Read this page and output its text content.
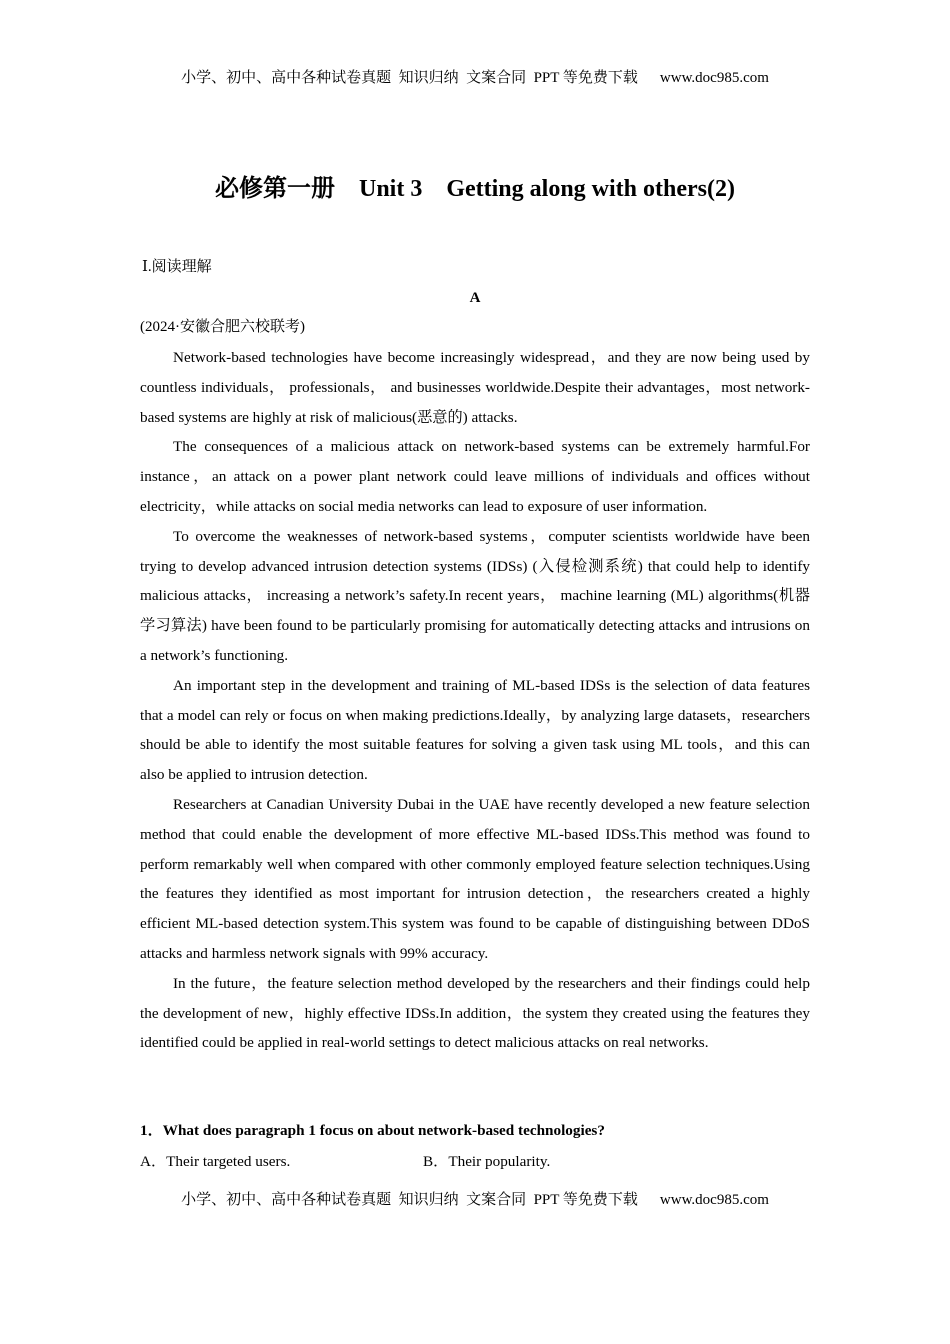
小学、初中、高中各种试卷真题  知识归纳  文案合同  PPT 等免费下载 www.doc985.com
必修第一册    Unit 3    Getting along with others(2)
Ⅰ.阅读理解
A
(2024·安徽合肥六校联考)

Network-based technologies have become increasingly widespread，and they are now being used by countless individuals， professionals， and businesses worldwide.Despite their advantages，most network-based systems are highly at risk of malicious(恶意的) attacks.

The consequences of a malicious attack on network-based systems can be extremely harmful.For instance，an attack on a power plant network could leave millions of individuals and offices without electricity，while attacks on social media networks can lead to exposure of user information.

To overcome the weaknesses of network-based systems，computer scientists worldwide have been trying to develop advanced intrusion detection systems (IDSs) (入侵检测系统) that could help to identify malicious attacks， increasing a network’s safety.In recent years， machine learning (ML) algorithms(机器学习算法) have been found to be particularly promising for automatically detecting attacks and intrusions on a network’s functioning.

An important step in the development and training of ML-based IDSs is the selection of data features that a model can rely or focus on when making predictions.Ideally，by analyzing large datasets，researchers should be able to identify the most suitable features for solving a given task using ML tools，and this can also be applied to intrusion detection.

Researchers at Canadian University Dubai in the UAE have recently developed a new feature selection method that could enable the development of more effective ML-based IDSs.This method was found to perform remarkably well when compared with other commonly employed feature selection techniques.Using the features they identified as most important for intrusion detection，the researchers created a highly efficient ML-based detection system.This system was found to be capable of distinguishing between DDoS attacks and harmless network signals with 99% accuracy.

In the future，the feature selection method developed by the researchers and their findings could help the development of new，highly effective IDSs.In addition，the system they created using the features they identified could be applied in real-world settings to detect malicious attacks on real networks.

1．What does paragraph 1 focus on about network-based technologies?
A．Their targeted users.	B．Their popularity.
小学、初中、高中各种试卷真题  知识归纳  文案合同  PPT 等免费下载 www.doc985.com
